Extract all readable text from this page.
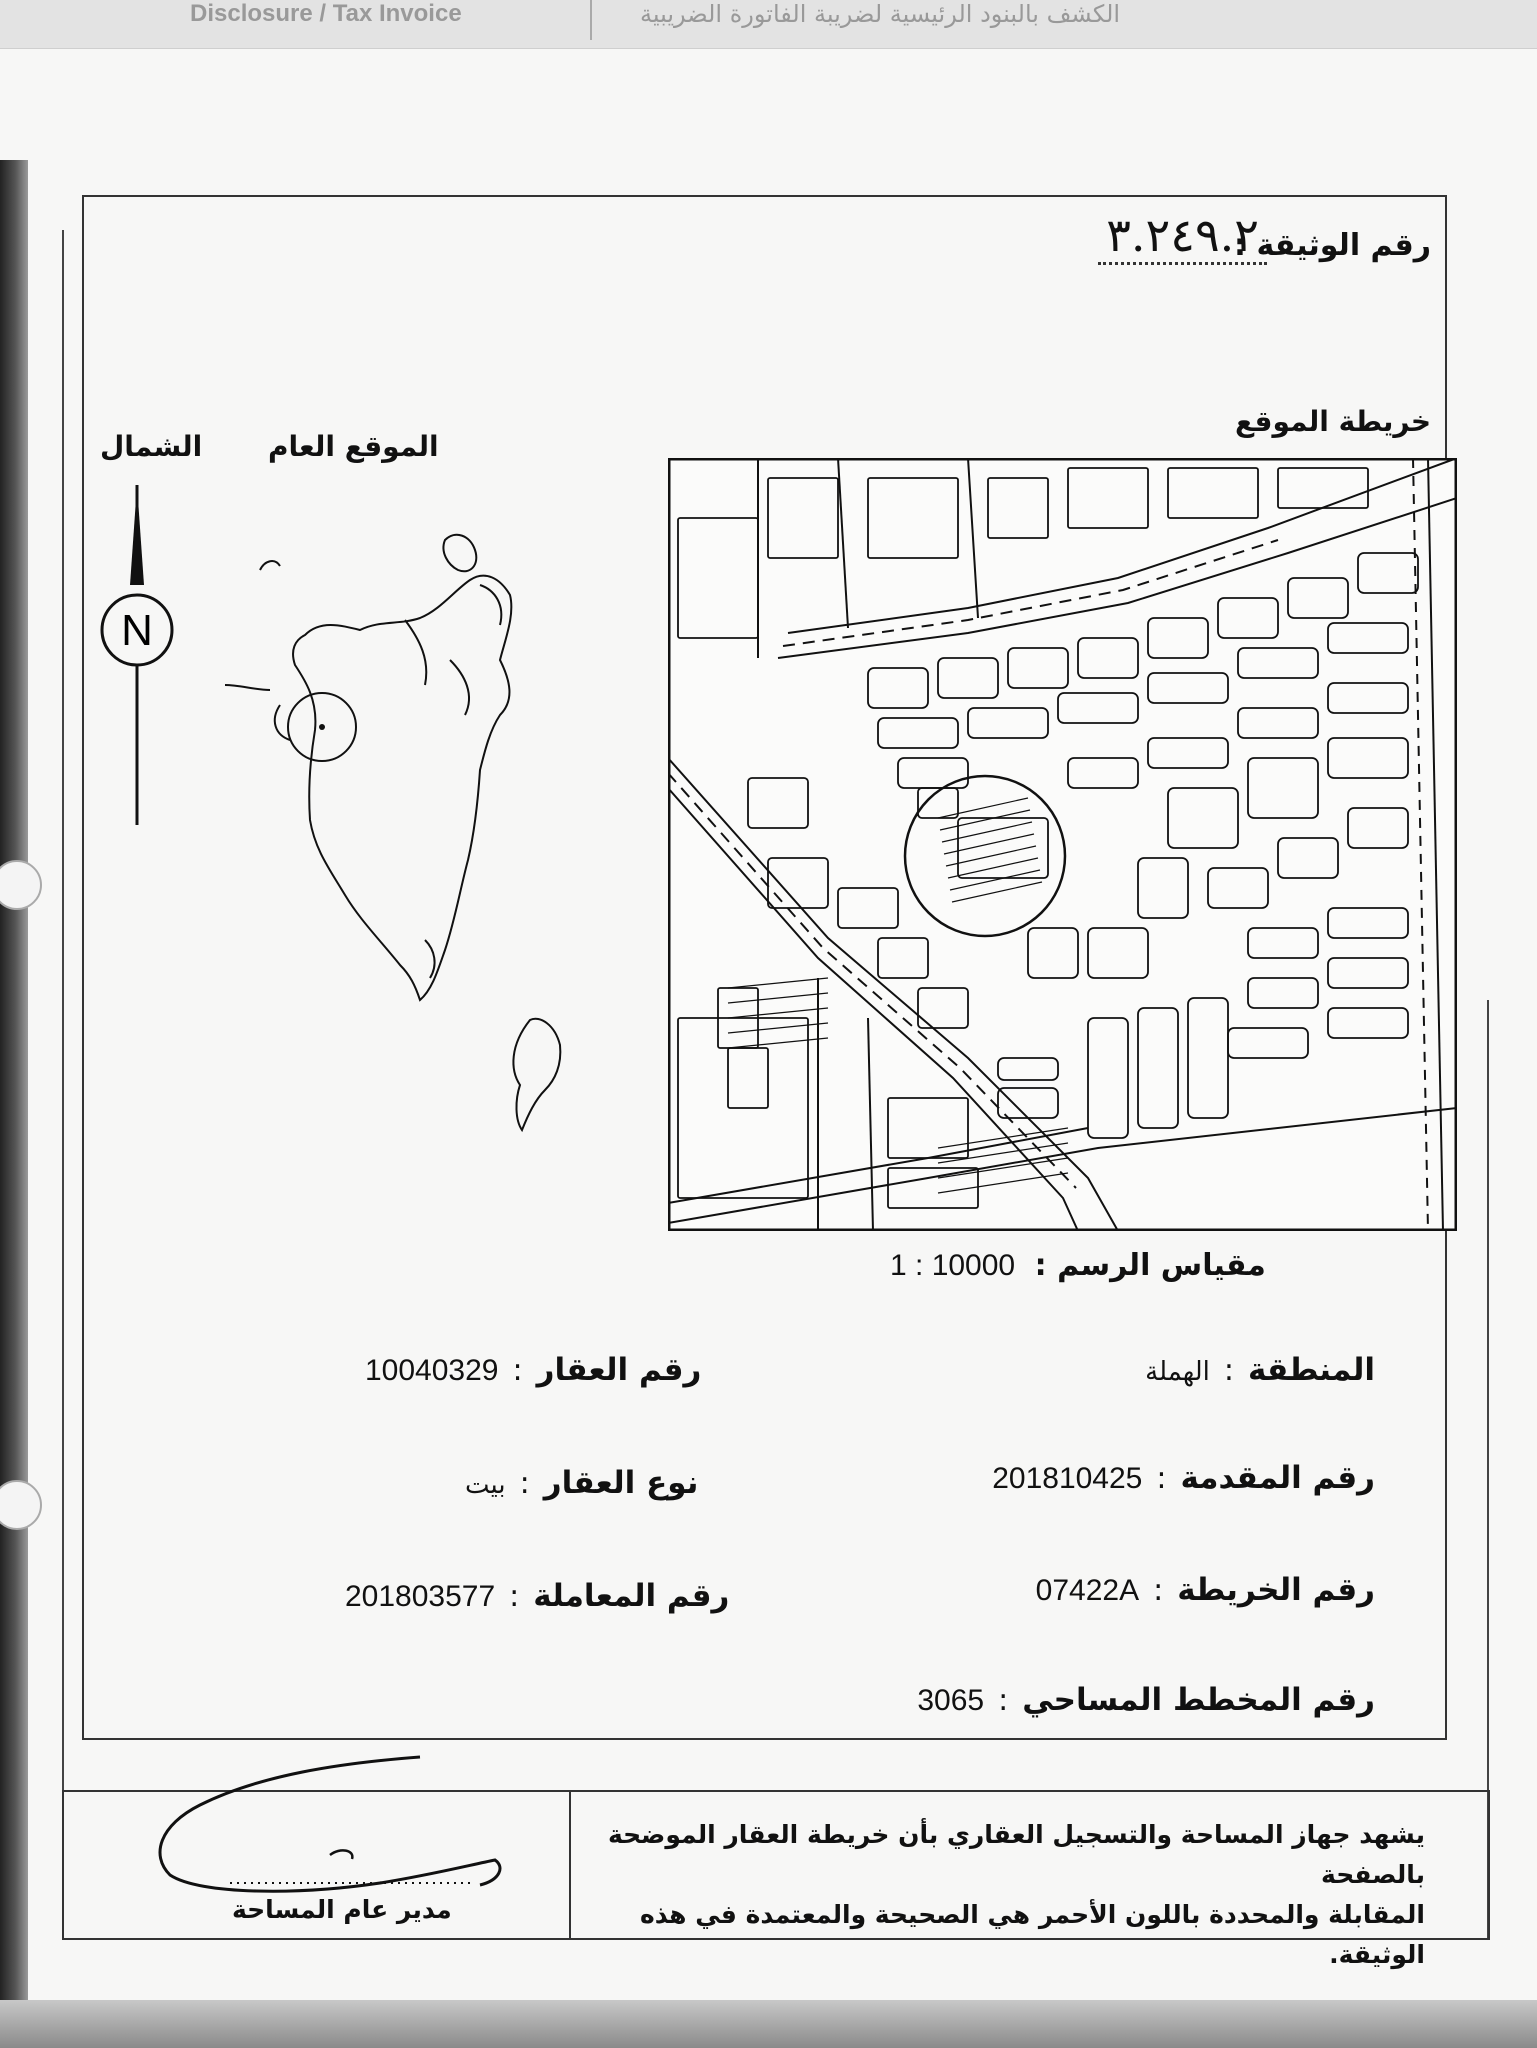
Disclosure / Tax Invoice	الكشف بالبنود الرئيسية لضريبة الفاتورة الضريبية
رقم الوثيقة :
٣.٢٤٩.٢
خريطة الموقع
الموقع العام
الشمال
N
مقياس الرسم : 1 : 10000
المنطقة:الهملة
رقم المقدمة:201810425
رقم الخريطة:07422A
رقم المخطط المساحي:3065
رقم العقار:10040329
نوع العقار:بيت
رقم المعاملة:201803577
يشهد جهاز المساحة والتسجيل العقاري بأن خريطة العقار الموضحة بالصفحة
المقابلة والمحددة باللون الأحمر هي الصحيحة والمعتمدة في هذه الوثيقة.
مدير عام المساحة
